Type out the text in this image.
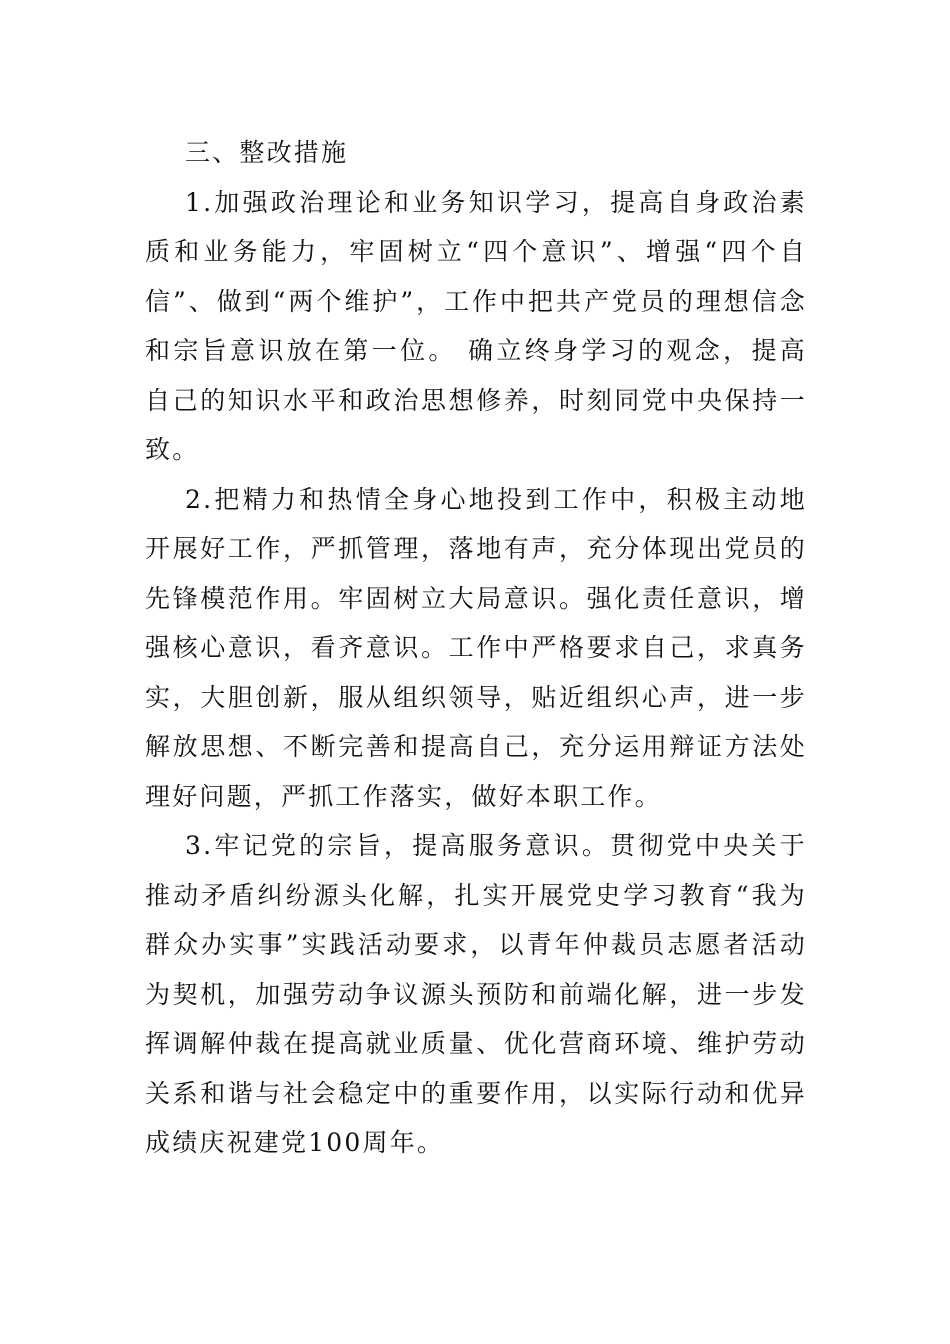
三、整改措施

1.加强政治理论和业务知识学习，提高自身政治素质和业务能力，牢固树立“四个意识”、增强“四个自信”、做到“两个维护”，工作中把共产党员的理想信念和宗旨意识放在第一位。 确立终身学习的观念，提高自己的知识水平和政治思想修养，时刻同党中央保持一致。

2.把精力和热情全身心地投到工作中，积极主动地开展好工作，严抓管理，落地有声，充分体现出党员的先锋模范作用。牢固树立大局意识。强化责任意识，增强核心意识，看齐意识。工作中严格要求自己，求真务实，大胆创新，服从组织领导，贴近组织心声，进一步解放思想、不断完善和提高自己，充分运用辩证方法处理好问题，严抓工作落实，做好本职工作。

3.牢记党的宗旨，提高服务意识。贯彻党中央关于推动矛盾纠纷源头化解，扎实开展党史学习教育“我为群众办实事”实践活动要求，以青年仲裁员志愿者活动为契机，加强劳动争议源头预防和前端化解，进一步发挥调解仲裁在提高就业质量、优化营商环境、维护劳动关系和谐与社会稳定中的重要作用，以实际行动和优异成绩庆祝建党100周年。
